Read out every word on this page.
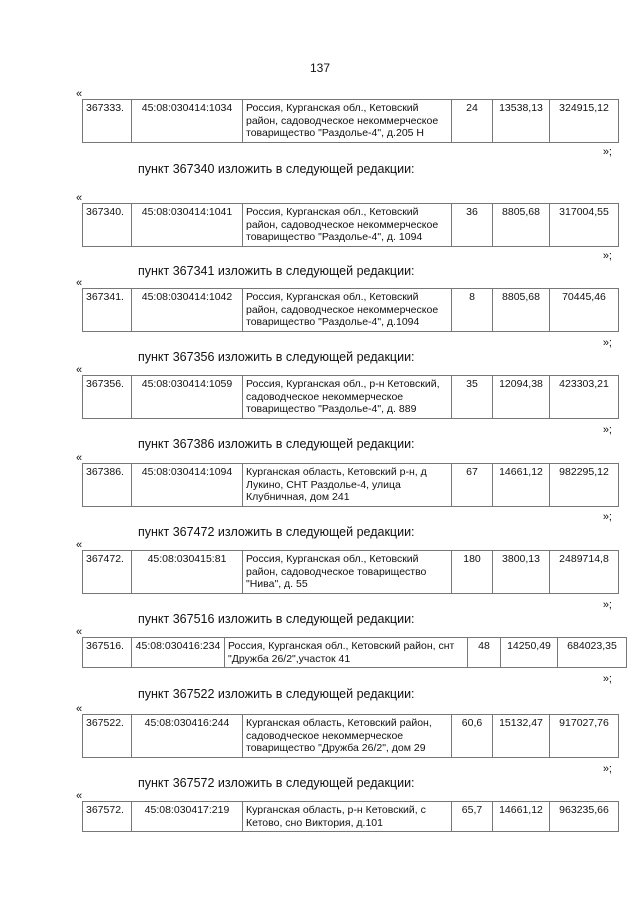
137
«
367333.	45:08:030414:1034	Россия, Курганская обл., Кетовский район, садоводческое некоммерческое товарищество "Раздолье-4", д.205 Н	24	13538,13	324915,12
»;
пункт 367340 изложить в следующей редакции:
«
367340.	45:08:030414:1041	Россия, Курганская обл., Кетовский район, садоводческое некоммерческое товарищество "Раздолье-4", д. 1094	36	8805,68	317004,55
»;
пункт 367341 изложить в следующей редакции:
«
367341.	45:08:030414:1042	Россия, Курганская обл., Кетовский район, садоводческое некоммерческое товарищество "Раздолье-4", д.1094	8	8805,68	70445,46
»;
пункт 367356 изложить в следующей редакции:
«
367356.	45:08:030414:1059	Россия, Курганская обл., р-н Кетовский, садоводческое некоммерческое товарищество "Раздолье-4", д. 889	35	12094,38	423303,21
»;
пункт 367386 изложить в следующей редакции:
«
367386.	45:08:030414:1094	Курганская область, Кетовский р-н, д Лукино, СНТ Раздолье-4, улица Клубничная, дом 241	67	14661,12	982295,12
»;
пункт 367472 изложить в следующей редакции:
«
367472.	45:08:030415:81	Россия, Курганская обл., Кетовский район, садоводческое товарищество "Нива", д. 55	180	3800,13	2489714,8
»;
пункт 367516 изложить в следующей редакции:
«
367516.	45:08:030416:234	Россия, Курганская обл., Кетовский район, снт "Дружба 26/2",участок 41	48	14250,49	684023,35
»;
пункт 367522 изложить в следующей редакции:
«
367522.	45:08:030416:244	Курганская область, Кетовский район, садоводческое некоммерческое товарищество "Дружба 26/2", дом 29	60,6	15132,47	917027,76
»;
пункт 367572 изложить в следующей редакции:
«
367572.	45:08:030417:219	Курганская область, р-н Кетовский, с Кетово, сно Виктория, д.101	65,7	14661,12	963235,66
